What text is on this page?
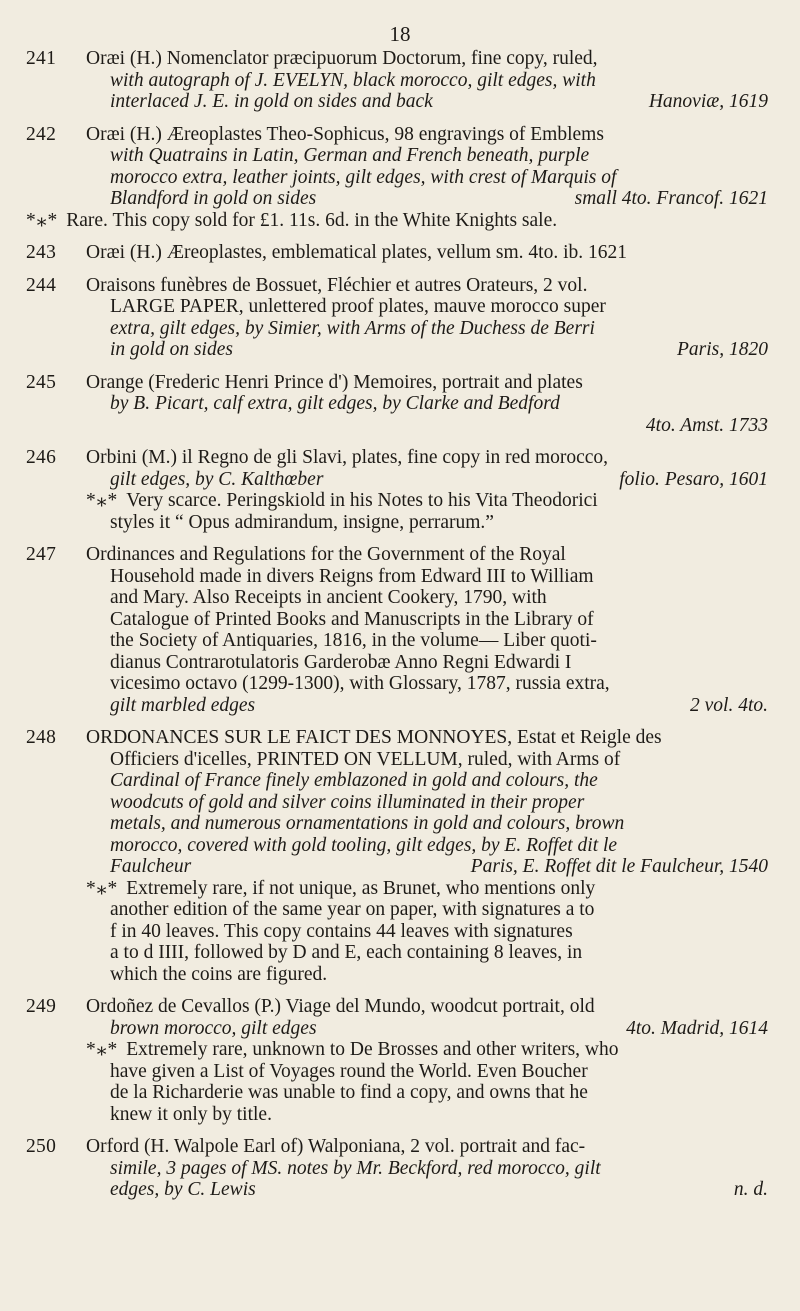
18
241 Oræi (H.) Nomenclator præcipuorum Doctorum, fine copy, ruled,
with autograph of J. EVELYN, black morocco, gilt edges, with
interlaced J. E. in gold on sides and back	Hanoviæ, 1619
242 Oræi (H.) Æreoplastes Theo-Sophicus, 98 engravings of Emblems
with Quatrains in Latin, German and French beneath, purple
morocco extra, leather joints, gilt edges, with crest of Marquis of
Blandford in gold on sides	small 4to. Francof. 1621
*⁎* Rare. This copy sold for £1. 11s. 6d. in the White Knights sale.
243 Oræi (H.) Æreoplastes, emblematical plates, vellum sm. 4to. ib. 1621
244 Oraisons funèbres de Bossuet, Fléchier et autres Orateurs, 2 vol.
LARGE PAPER, unlettered proof plates, mauve morocco super
extra, gilt edges, by Simier, with Arms of the Duchess de Berri
in gold on sides	Paris, 1820
245 Orange (Frederic Henri Prince d') Memoires, portrait and plates
by B. Picart, calf extra, gilt edges, by Clarke and Bedford
4to. Amst. 1733
246 Orbini (M.) il Regno de gli Slavi, plates, fine copy in red morocco,
gilt edges, by C. Kalthœber	folio. Pesaro, 1601
*⁎* Very scarce. Peringskiold in his Notes to his Vita Theodorici
styles it “ Opus admirandum, insigne, perrarum.”
247 Ordinances and Regulations for the Government of the Royal
Household made in divers Reigns from Edward III to William
and Mary. Also Receipts in ancient Cookery, 1790, with
Catalogue of Printed Books and Manuscripts in the Library of
the Society of Antiquaries, 1816, in the volume— Liber quoti-
dianus Contrarotulatoris Garderobæ Anno Regni Edwardi I
vicesimo octavo (1299-1300), with Glossary, 1787, russia extra,
gilt marbled edges	2 vol. 4to.
248 ORDONANCES SUR LE FAICT DES MONNOYES, Estat et Reigle des
Officiers d'icelles, PRINTED ON VELLUM, ruled, with Arms of
Cardinal of France finely emblazoned in gold and colours, the
woodcuts of gold and silver coins illuminated in their proper
metals, and numerous ornamentations in gold and colours, brown
morocco, covered with gold tooling, gilt edges, by E. Roffet dit le
Faulcheur	Paris, E. Roffet dit le Faulcheur, 1540
*⁎* Extremely rare, if not unique, as Brunet, who mentions only
another edition of the same year on paper, with signatures a to
f in 40 leaves. This copy contains 44 leaves with signatures
a to d IIII, followed by D and E, each containing 8 leaves, in
which the coins are figured.
249 Ordoñez de Cevallos (P.) Viage del Mundo, woodcut portrait, old
brown morocco, gilt edges	4to. Madrid, 1614
*⁎* Extremely rare, unknown to De Brosses and other writers, who
have given a List of Voyages round the World. Even Boucher
de la Richarderie was unable to find a copy, and owns that he
knew it only by title.
250 Orford (H. Walpole Earl of) Walponiana, 2 vol. portrait and fac-
simile, 3 pages of MS. notes by Mr. Beckford, red morocco, gilt
edges, by C. Lewis	n. d.
